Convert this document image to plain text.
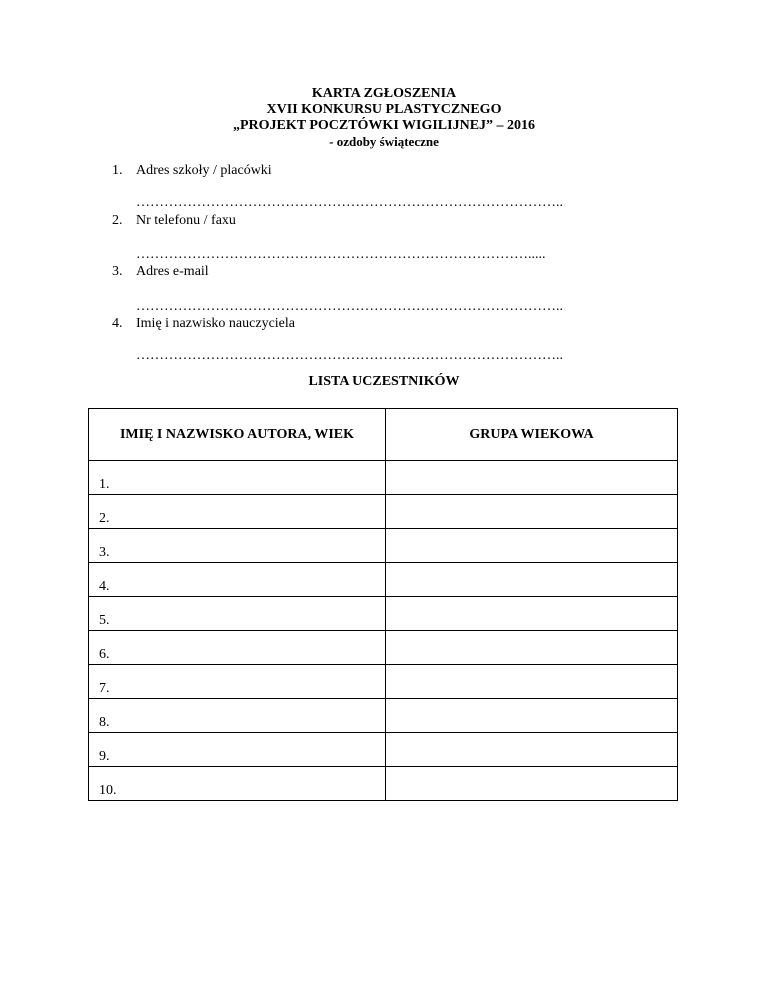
KARTA ZGŁOSZENIA
XVII KONKURSU PLASTYCZNEGO
„PROJEKT POCZTÓWKI WIGILIJNEJ” – 2016
- ozdoby świąteczne
1. Adres szkoły / placówki
………………………………………………………………………………..
2. Nr telefonu / faxu
………………………………………………………………………….....
3. Adres e-mail
………………………………………………………………………………..
4. Imię i nazwisko nauczyciela
………………………………………………………………………………..
LISTA UCZESTNIKÓW
IMIĘ I NAZWISKO AUTORA, WIEK	GRUPA WIEKOWA
1.	
2.	
3.	
4.	
5.	
6.	
7.	
8.	
9.	
10.	
